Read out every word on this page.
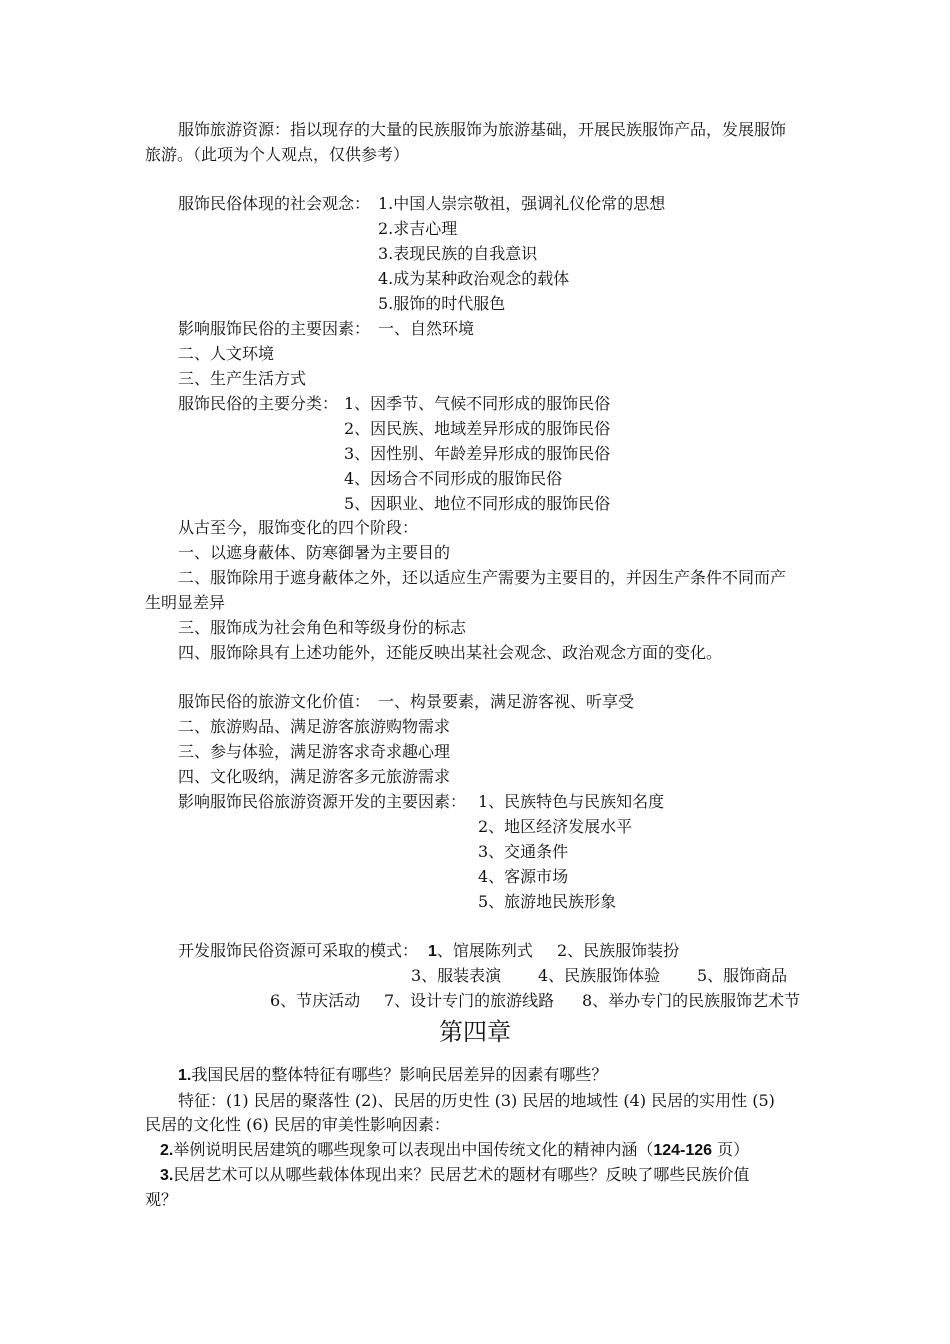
服饰旅游资源：指以现存的大量的民族服饰为旅游基础，开展民族服饰产品，发展服饰
旅游。（此项为个人观点，仅供参考）
服饰民俗体现的社会观念： 1.中国人崇宗敬祖，强调礼仪伦常的思想
2.求吉心理
3.表现民族的自我意识
4.成为某种政治观念的载体
5.服饰的时代服色
影响服饰民俗的主要因素： 一、自然环境
二、人文环境
三、生产生活方式
服饰民俗的主要分类： 1、因季节、气候不同形成的服饰民俗
2、因民族、地域差异形成的服饰民俗
3、因性别、年龄差异形成的服饰民俗
4、因场合不同形成的服饰民俗
5、因职业、地位不同形成的服饰民俗
从古至今，服饰变化的四个阶段：
一、以遮身蔽体、防寒御暑为主要目的
二、服饰除用于遮身蔽体之外，还以适应生产需要为主要目的，并因生产条件不同而产
生明显差异
三、服饰成为社会角色和等级身份的标志
四、服饰除具有上述功能外，还能反映出某社会观念、政治观念方面的变化。
服饰民俗的旅游文化价值： 一、构景要素，满足游客视、听享受
二、旅游购品、满足游客旅游购物需求
三、参与体验，满足游客求奇求趣心理
四、文化吸纳，满足游客多元旅游需求
影响服饰民俗旅游资源开发的主要因素： 1、民族特色与民族知名度
2、地区经济发展水平
3、交通条件
4、客源市场
5、旅游地民族形象
开发服饰民俗资源可采取的模式： 1、馆展陈列式 2、民族服饰装扮
3、服装表演 4、民族服饰体验 5、服饰商品
6、节庆活动 7、设计专门的旅游线路 8、举办专门的民族服饰艺术节
第四章
1.我国民居的整体特征有哪些？影响民居差异的因素有哪些？
特征：(1) 民居的聚落性 (2)、民居的历史性 (3) 民居的地域性 (4) 民居的实用性 (5)
民居的文化性 (6) 民居的审美性影响因素：
2.举例说明民居建筑的哪些现象可以表现出中国传统文化的精神内涵（124-126 页）
3.民居艺术可以从哪些载体体现出来？民居艺术的题材有哪些？反映了哪些民族价值
观？
